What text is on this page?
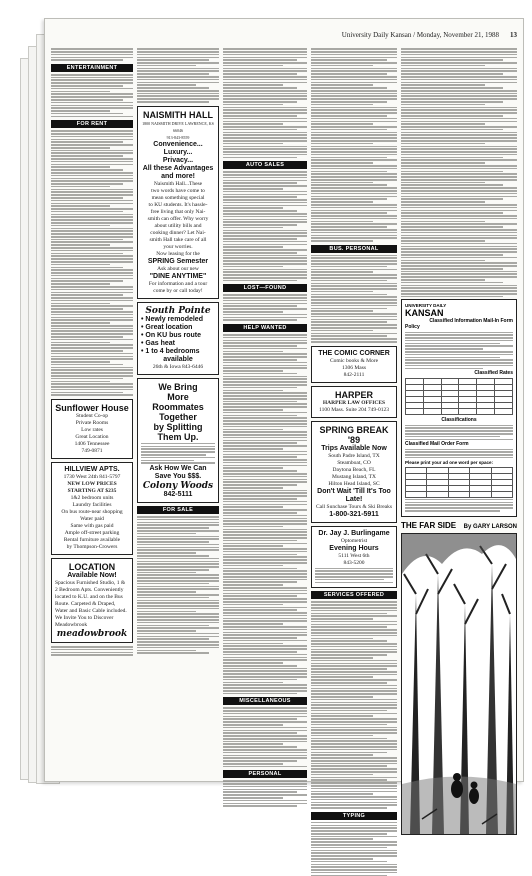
University Daily Kansan / Monday, November 21, 1988 13
ENTERTAINMENT
FOR RENT
Sunflower House
Student Co-op
Private Rooms
Low rates
Great Location
1406 Tennessee
749-0871
HILLVIEW APTS.
1730 West 24th 841-5797
NEW LOW PRICES
STARTING AT $235
1&2 bedroom units
Laundry facilities
On bus route-near shopping
Water paid
Same with gas paid
Ample off-street parking
Rental furniture available
by Thompson-Crowers
LOCATION
Available Now!
Spacious Furnished Studio, 1 & 2 Bedroom Apts. Conveniently located to K.U. and on the Bus Route. Carpeted & Draped, Water and Basic Cable included. We Invite You to Discover Meadowbrook
meadowbrook
NAISMITH HALL
1800 NAISMITH DRIVE LAWRENCE, KS 66046
913-843-8559
Convenience...
Luxury...
Privacy...
All these Advantages and more!
Naismith Hall...These
two words have come to
mean something special
to KU students. It's hassle-
free living that only Nai-
smith can offer. Why worry
about utility bills and
cooking dinner? Let Nai-
smith Hall take care of all
your worries.
Now leasing for the
SPRING Semester
Ask about our new
"DINE ANYTIME"
For information and a tour
come by or call today!
South Pointe
• Newly remodeled
• Great location
• On KU bus route
• Gas heat
• 1 to 4 bedrooms
available
26th & Iowa 843-6446
We Bring
More Roommates
Together
by Splitting
Them Up.
Ask How We Can
Save You $$$.
Colony Woods
842-5111
FOR SALE
AUTO SALES
LOST—FOUND
HELP WANTED
MISCELLANEOUS
PERSONAL
BUS. PERSONAL
THE COMIC CORNER
Comic books & More
1306 Mass
842-2111
HARPER
HARPER LAW OFFICES
1100 Mass. Suite 204 749-0123
SPRING BREAK '89
Trips Available Now
South Padre Island, TX
Steamboat, CO
Daytona Beach, FL
Mustang Island, TX
Hilton Head Island, SC
Don't Wait 'Till It's Too Late!
Call Sunchase Tours & Ski Breaks
1-800-321-5911
Dr. Jay J. Burlingame
Optometrist
Evening Hours
5111 West 6th
843-5200
SERVICES OFFERED
TYPING
UNIVERSITY DAILY
KANSAN
Classified Information Mail-In Form
Policy
Classified Rates

Classifications
Classified Mail Order Form
Please print your ad one word per space:

THE FAR SIDE By GARY LARSON
